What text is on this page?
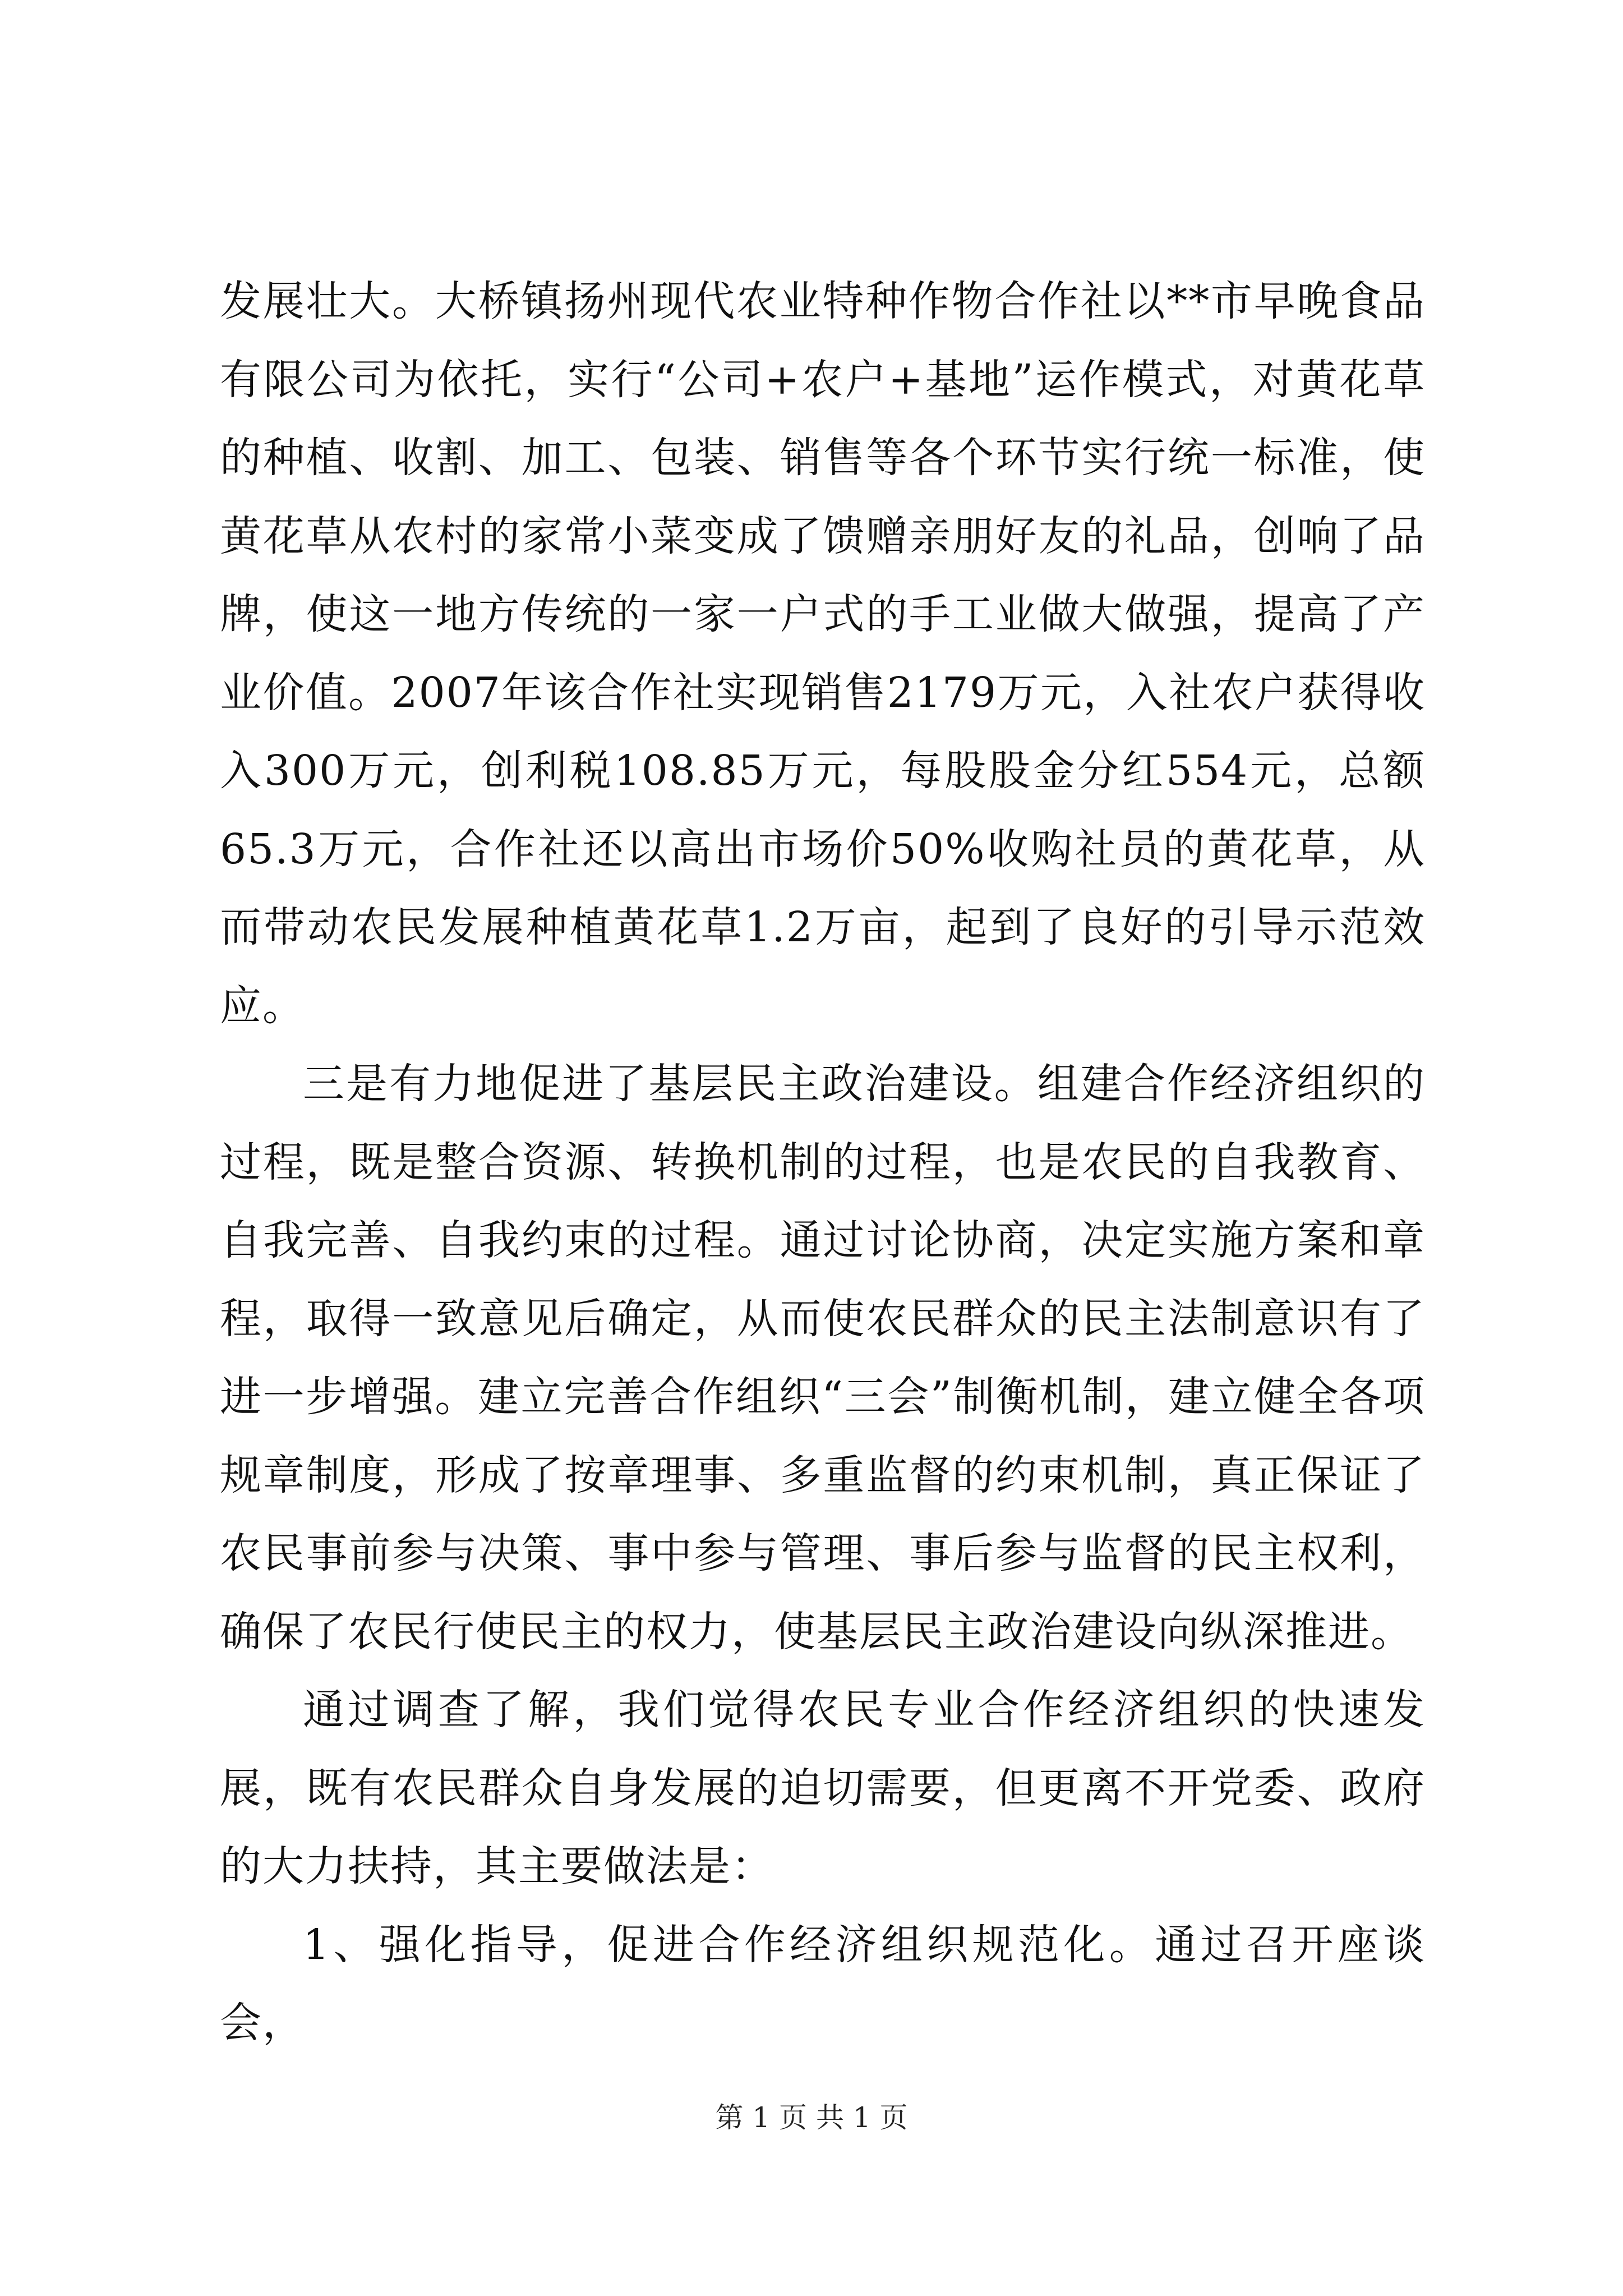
发展壮大。大桥镇扬州现代农业特种作物合作社以**市早晚食品有限公司为依托，实行“公司+农户+基地”运作模式，对黄花草的种植、收割、加工、包装、销售等各个环节实行统一标准，使黄花草从农村的家常小菜变成了馈赠亲朋好友的礼品，创响了品牌，使这一地方传统的一家一户式的手工业做大做强，提高了产业价值。2007年该合作社实现销售2179万元，入社农户获得收入300万元，创利税108.85万元，每股股金分红554元，总额65.3万元，合作社还以高出市场价50%收购社员的黄花草，从而带动农民发展种植黄花草1.2万亩，起到了良好的引导示范效应。

三是有力地促进了基层民主政治建设。组建合作经济组织的过程，既是整合资源、转换机制的过程，也是农民的自我教育、自我完善、自我约束的过程。通过讨论协商，决定实施方案和章程，取得一致意见后确定，从而使农民群众的民主法制意识有了进一步增强。建立完善合作组织“三会”制衡机制，建立健全各项规章制度，形成了按章理事、多重监督的约束机制，真正保证了农民事前参与决策、事中参与管理、事后参与监督的民主权利，确保了农民行使民主的权力，使基层民主政治建设向纵深推进。

通过调查了解，我们觉得农民专业合作经济组织的快速发展，既有农民群众自身发展的迫切需要，但更离不开党委、政府的大力扶持，其主要做法是：

1、强化指导，促进合作经济组织规范化。通过召开座谈会，

第 1 页 共 1 页
